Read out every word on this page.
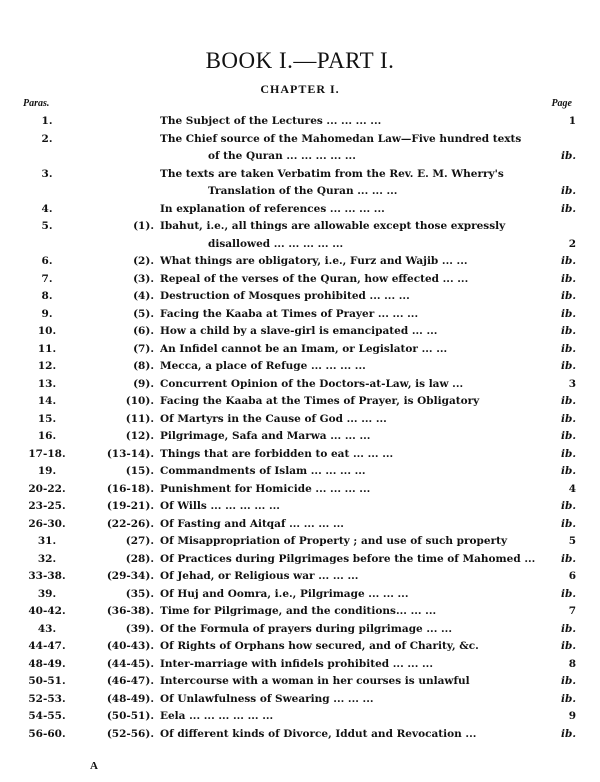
BOOK I.—PART I.
CHAPTER I.
Paras.	Page
1.	The Subject of the Lectures ... ... ... ...	1
2.	The Chief source of the Mahomedan Law—Five hundred texts
of the Quran ... ... ... ... ...	ib.
3.	The texts are taken Verbatim from the Rev. E. M. Wherry's
Translation of the Quran ... ... ...	ib.
4.	In explanation of references ... ... ... ...	ib.
5.	(1). Ibahut, i.e., all things are allowable except those expressly
disallowed ... ... ... ... ...	2
6.	(2). What things are obligatory, i.e., Furz and Wajib ... ...	ib.
7.	(3). Repeal of the verses of the Quran, how effected ... ...	ib.
8.	(4). Destruction of Mosques prohibited ... ... ...	ib.
9.	(5). Facing the Kaaba at Times of Prayer ... ... ...	ib.
10.	(6). How a child by a slave-girl is emancipated ... ...	ib.
11.	(7). An Infidel cannot be an Imam, or Legislator ... ...	ib.
12.	(8). Mecca, a place of Refuge ... ... ... ...	ib.
13.	(9). Concurrent Opinion of the Doctors-at-Law, is law ...	3
14.	(10). Facing the Kaaba at the Times of Prayer, is Obligatory	ib.
15.	(11). Of Martyrs in the Cause of God ... ... ...	ib.
16.	(12). Pilgrimage, Safa and Marwa ... ... ...	ib.
17-18.	(13-14). Things that are forbidden to eat ... ... ...	ib.
19.	(15). Commandments of Islam ... ... ... ...	ib.
20-22.	(16-18). Punishment for Homicide ... ... ... ...	4
23-25.	(19-21). Of Wills ... ... ... ... ...	ib.
26-30.	(22-26). Of Fasting and Aitqaf ... ... ... ...	ib.
31.	(27). Of Misappropriation of Property ; and use of such property	5
32.	(28). Of Practices during Pilgrimages before the time of Mahomed ...	ib.
33-38.	(29-34). Of Jehad, or Religious war ... ... ...	6
39.	(35). Of Huj and Oomra, i.e., Pilgrimage ... ... ...	ib.
40-42.	(36-38). Time for Pilgrimage, and the conditions... ... ...	7
43.	(39). Of the Formula of prayers during pilgrimage ... ...	ib.
44-47.	(40-43). Of Rights of Orphans how secured, and of Charity, &c.	ib.
48-49.	(44-45). Inter-marriage with infidels prohibited ... ... ...	8
50-51.	(46-47). Intercourse with a woman in her courses is unlawful	ib.
52-53.	(48-49). Of Unlawfulness of Swearing ... ... ...	ib.
54-55.	(50-51). Eela ... ... ... ... ... ...	9
56-60.	(52-56). Of different kinds of Divorce, Iddut and Revocation ...	ib.
A
